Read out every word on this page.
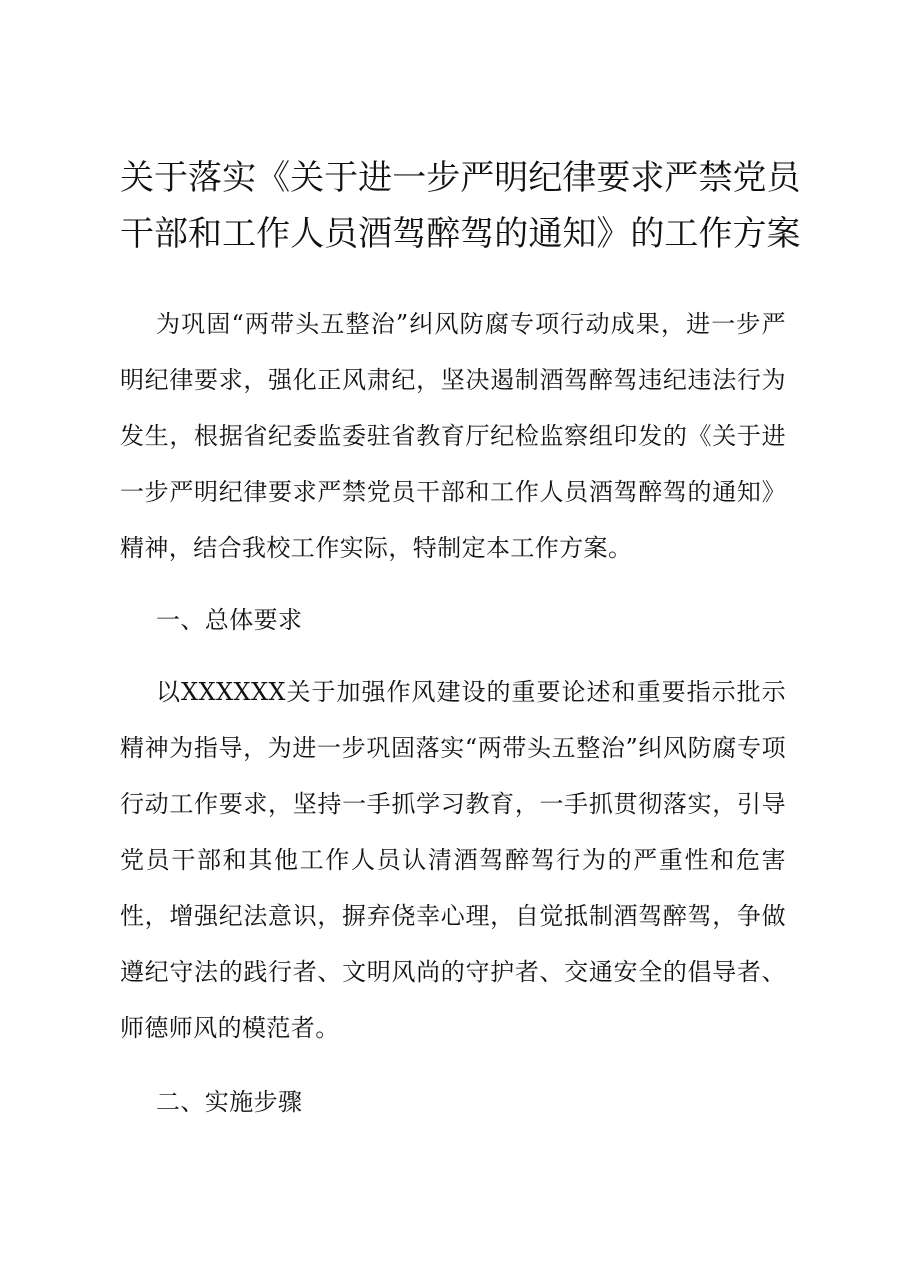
关于落实《关于进一步严明纪律要求严禁党员干部和工作人员酒驾醉驾的通知》的工作方案

为巩固“两带头五整治”纠风防腐专项行动成果，进一步严明纪律要求，强化正风肃纪，坚决遏制酒驾醉驾违纪违法行为发生，根据省纪委监委驻省教育厅纪检监察组印发的《关于进一步严明纪律要求严禁党员干部和工作人员酒驾醉驾的通知》精神，结合我校工作实际，特制定本工作方案。

一、总体要求

以XXXXXX关于加强作风建设的重要论述和重要指示批示精神为指导，为进一步巩固落实“两带头五整治”纠风防腐专项行动工作要求，坚持一手抓学习教育，一手抓贯彻落实，引导党员干部和其他工作人员认清酒驾醉驾行为的严重性和危害性，增强纪法意识，摒弃侥幸心理，自觉抵制酒驾醉驾，争做遵纪守法的践行者、文明风尚的守护者、交通安全的倡导者、师德师风的模范者。

二、实施步骤
